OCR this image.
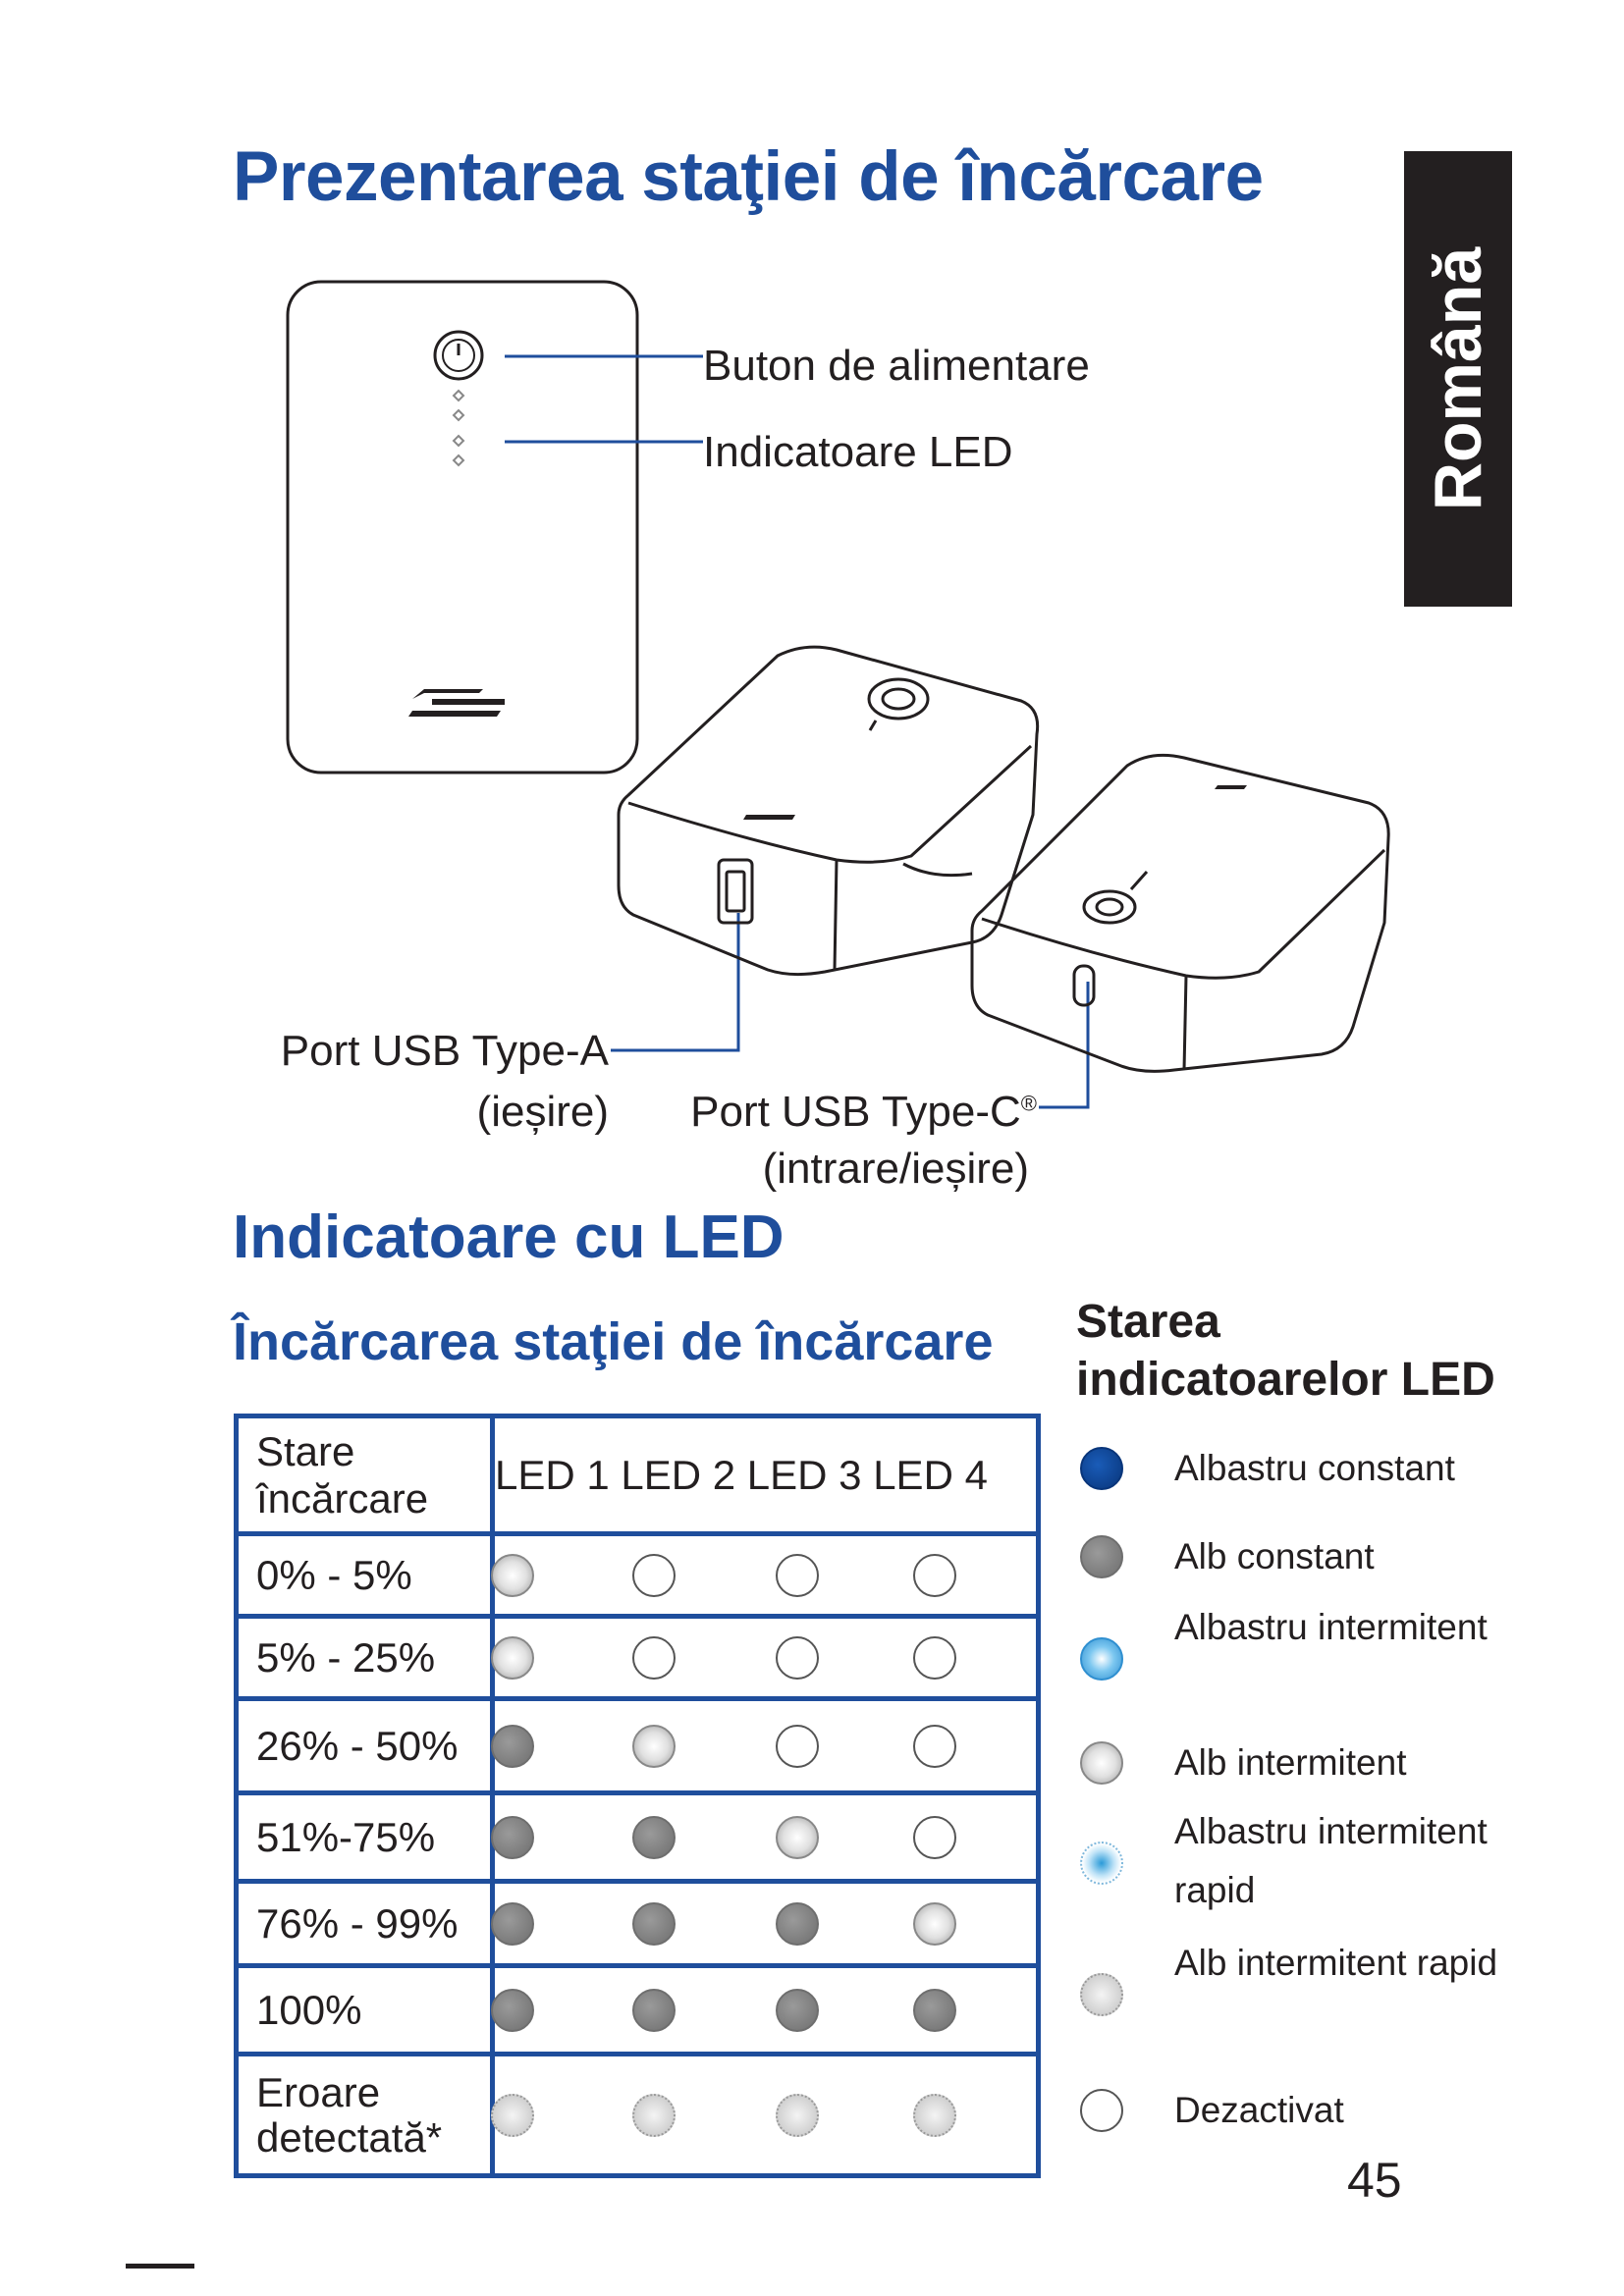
Prezentarea staţiei de încărcare
Română
Buton de alimentare
Indicatoare LED
Port USB Type-A
(ieșire)	Port USB Type-C®
(intrare/ieșire)
Indicatoare cu LED
Încărcarea staţiei de încărcare
Stare încărcare	LED 1 LED 2 LED 3 LED 4
0% - 5%	

5% - 25%	

26% - 50%	

51%-75%	

76% - 99%	

100%	

Eroare detectată*	
Starea indicatoarelor LED
Albastru constant
Alb constant
Albastru intermitent
Alb intermitent
Albastru intermitent rapid
Alb intermitent rapid
Dezactivat
45
